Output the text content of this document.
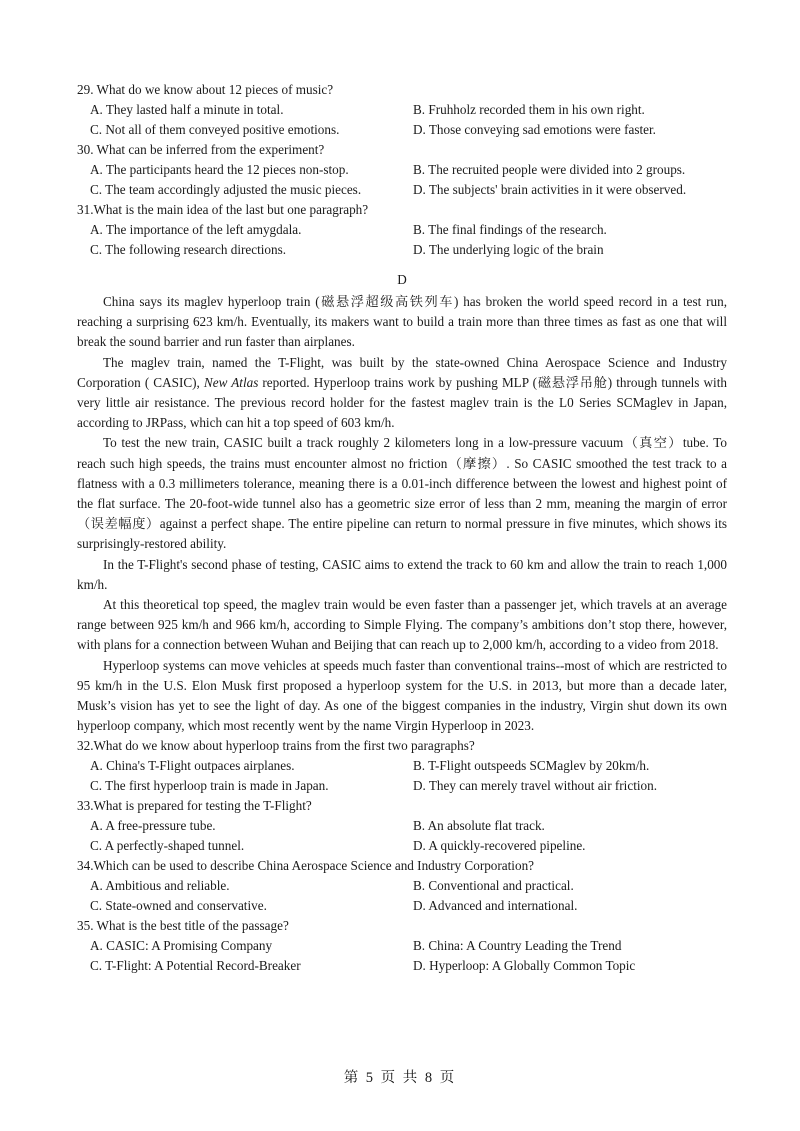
29. What do we know about 12 pieces of music?
A. They lasted half a minute in total.	B. Fruhholz recorded them in his own right.
C. Not all of them conveyed positive emotions.	D. Those conveying sad emotions were faster.
30. What can be inferred from the experiment?
A. The participants heard the 12 pieces non-stop.	B. The recruited people were divided into 2 groups.
C. The team accordingly adjusted the music pieces.	D. The subjects' brain activities in it were observed.
31.What is the main idea of the last but one paragraph?
A. The importance of the left amygdala.	B. The final findings of the research.
C. The following research directions.	D. The underlying logic of the brain
D

China says its maglev hyperloop train (磁悬浮超级高铁列车) has broken the world speed record in a test run, reaching a surprising 623 km/h. Eventually, its makers want to build a train more than three times as fast as one that will break the sound barrier and run faster than airplanes.

The maglev train, named the T-Flight, was built by the state-owned China Aerospace Science and Industry Corporation ( CASIC), New Atlas reported. Hyperloop trains work by pushing MLP (磁悬浮吊舱) through tunnels with very little air resistance. The previous record holder for the fastest maglev train is the L0 Series SCMaglev in Japan, according to JRPass, which can hit a top speed of 603 km/h.

To test the new train, CASIC built a track roughly 2 kilometers long in a low-pressure vacuum（真空）tube. To reach such high speeds, the trains must encounter almost no friction（摩擦）. So CASIC smoothed the test track to a flatness with a 0.3 millimeters tolerance, meaning there is a 0.01-inch difference between the lowest and highest point of the flat surface. The 20-foot-wide tunnel also has a geometric size error of less than 2 mm, meaning the margin of error （误差幅度）against a perfect shape. The entire pipeline can return to normal pressure in five minutes, which shows its surprisingly-restored ability.

In the T-Flight's second phase of testing, CASIC aims to extend the track to 60 km and allow the train to reach 1,000 km/h.

At this theoretical top speed, the maglev train would be even faster than a passenger jet, which travels at an average range between 925 km/h and 966 km/h, according to Simple Flying. The company’s ambitions don’t stop there, however, with plans for a connection between Wuhan and Beijing that can reach up to 2,000 km/h, according to a video from 2018.

Hyperloop systems can move vehicles at speeds much faster than conventional trains--most of which are restricted to 95 km/h in the U.S. Elon Musk first proposed a hyperloop system for the U.S. in 2013, but more than a decade later, Musk’s vision has yet to see the light of day. As one of the biggest companies in the industry, Virgin shut down its own hyperloop company, which most recently went by the name Virgin Hyperloop in 2023.

32.What do we know about hyperloop trains from the first two paragraphs?
A. China's T-Flight outpaces airplanes.	B. T-Flight outspeeds SCMaglev by 20km/h.
C. The first hyperloop train is made in Japan.	D. They can merely travel without air friction.
33.What is prepared for testing the T-Flight?
A. A free-pressure tube.	B. An absolute flat track.
C. A perfectly-shaped tunnel.	D. A quickly-recovered pipeline.
34.Which can be used to describe China Aerospace Science and Industry Corporation?
A. Ambitious and reliable.	B. Conventional and practical.
C. State-owned and conservative.	D. Advanced and international.
35. What is the best title of the passage?
A. CASIC: A Promising Company	B. China: A Country Leading the Trend
C. T-Flight: A Potential Record-Breaker	D. Hyperloop: A Globally Common Topic
第 5 页 共 8 页
